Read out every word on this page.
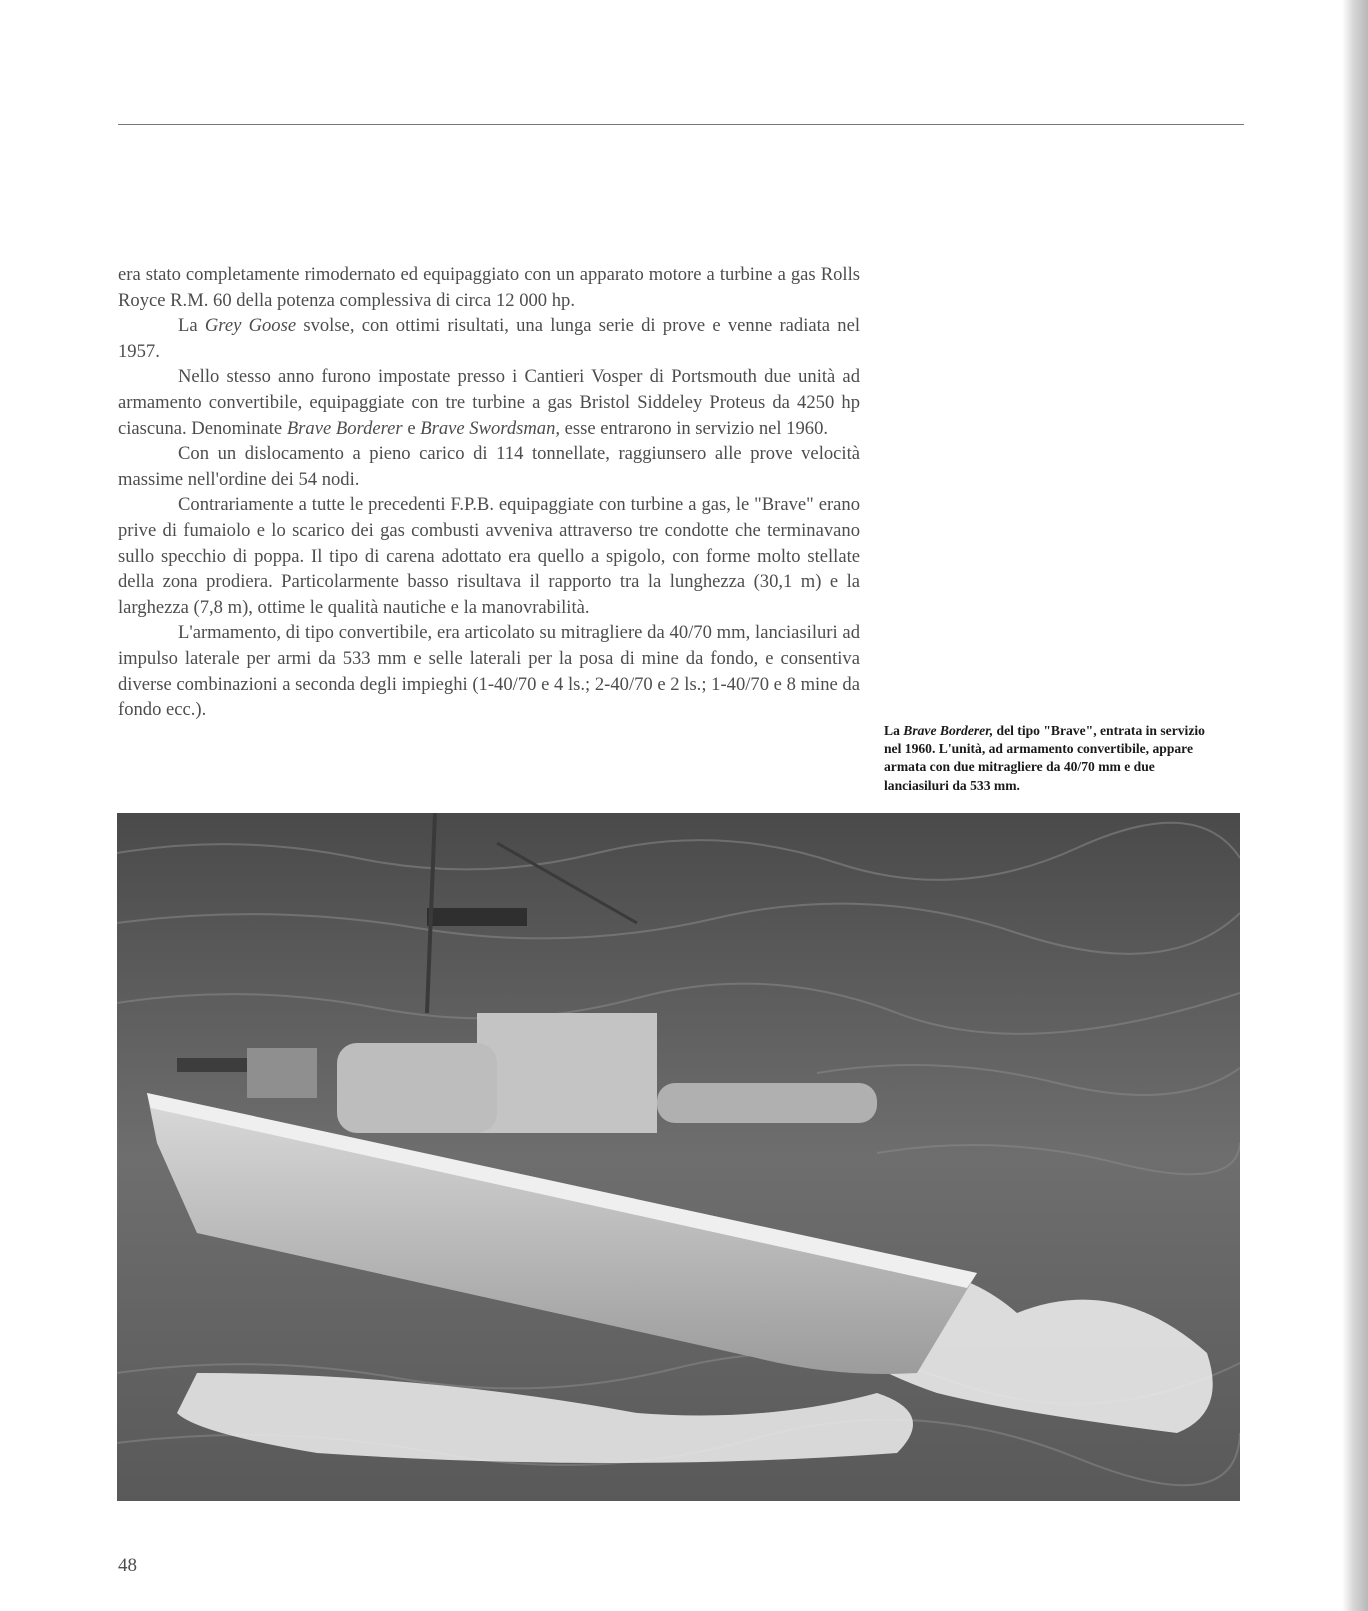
era stato completamente rimodernato ed equipaggiato con un apparato motore a turbine a gas Rolls Royce R.M. 60 della potenza complessiva di circa 12 000 hp.

La Grey Goose svolse, con ottimi risultati, una lunga serie di prove e venne radiata nel 1957.

Nello stesso anno furono impostate presso i Cantieri Vosper di Portsmouth due unità ad armamento convertibile, equipaggiate con tre turbine a gas Bristol Siddeley Proteus da 4250 hp ciascuna. Denominate Brave Borderer e Brave Swordsman, esse entrarono in servizio nel 1960.

Con un dislocamento a pieno carico di 114 tonnellate, raggiunsero alle prove velocità massime nell'ordine dei 54 nodi.

Contrariamente a tutte le precedenti F.P.B. equipaggiate con turbine a gas, le "Brave" erano prive di fumaiolo e lo scarico dei gas combusti avveniva attraverso tre condotte che terminavano sullo specchio di poppa. Il tipo di carena adottato era quello a spigolo, con forme molto stellate della zona prodiera. Particolarmente basso risultava il rapporto tra la lunghezza (30,1 m) e la larghezza (7,8 m), ottime le qualità nautiche e la manovrabilità.

L'armamento, di tipo convertibile, era articolato su mitragliere da 40/70 mm, lanciasiluri ad impulso laterale per armi da 533 mm e selle laterali per la posa di mine da fondo, e consentiva diverse combinazioni a seconda degli impieghi (1-40/70 e 4 ls.; 2-40/70 e 2 ls.; 1-40/70 e 8 mine da fondo ecc.).

La Brave Borderer, del tipo "Brave", entrata in servizio nel 1960. L'unità, ad armamento convertibile, appare armata con due mitragliere da 40/70 mm e due lanciasiluri da 533 mm.
48
